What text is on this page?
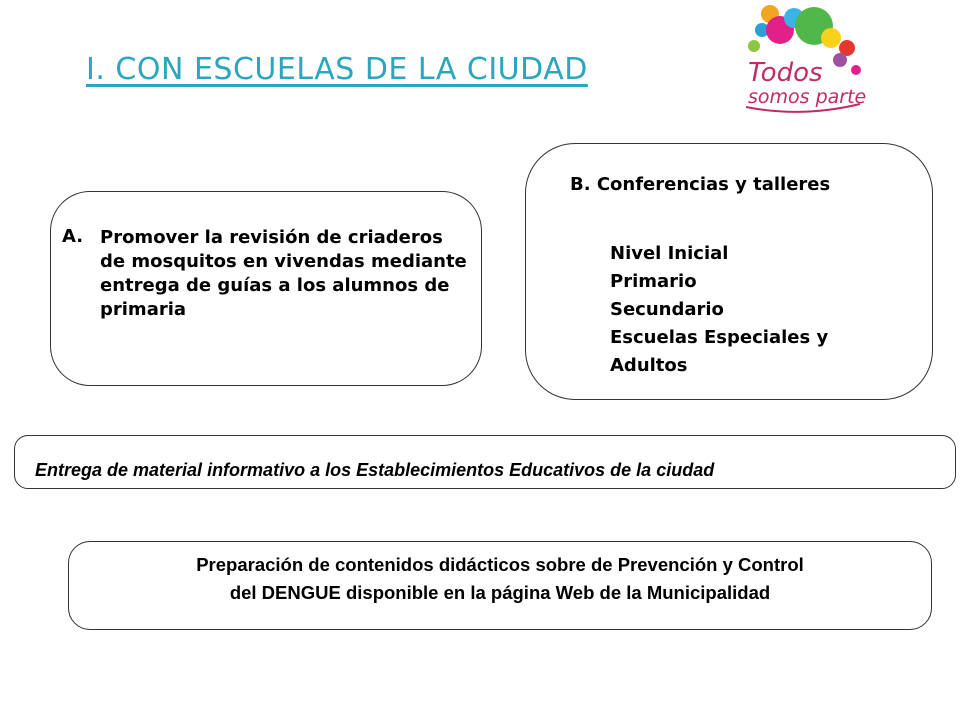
I. CON ESCUELAS DE LA CIUDAD	Todos
somos parte
A. Promover la revisión de criaderos de mosquitos en vivendas mediante entrega de guías a los alumnos de primaria
B. Conferencias y talleres
Nivel Inicial
Primario
Secundario
Escuelas Especiales y
Adultos
Entrega de material informativo a los Establecimientos Educativos de la ciudad
Preparación de contenidos didácticos sobre de Prevención y Control
del DENGUE disponible en la página Web de la Municipalidad
